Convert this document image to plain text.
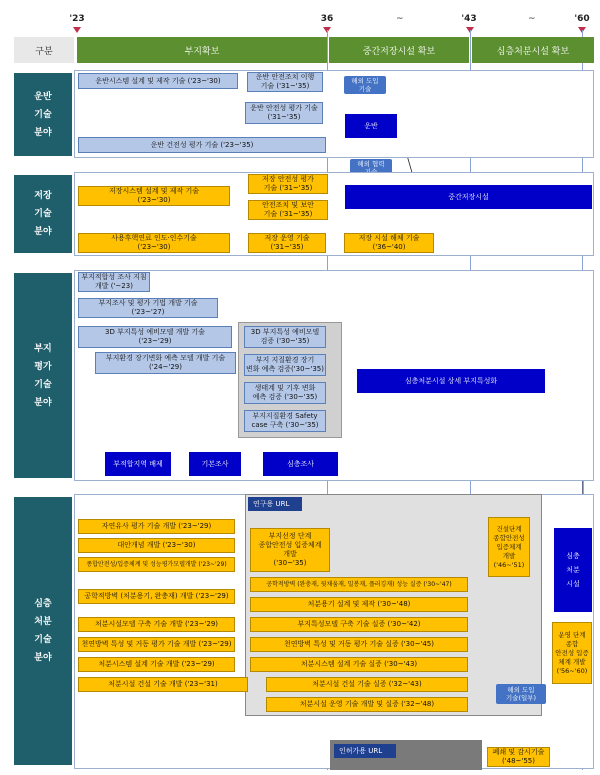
'23	36	'43	'60
~	~
구분	부지확보	중간저장시설 확보	심층처분시설 확보
운반
기술
분야
운반시스템 설계 및 제작 기술 ('23~'30)	운반 안전조치 이행
기술 ('31~'35)
운반 안전성 평가 기술
('31~'35)
운반 건전성 평가 기술 ('23~'35)
해외 도입
기술
운반
해외 협력

저장
기술
분야
저장시스템 설계 및 제작 기술
('23~'30)
저장 안전성 평가
기술 ('31~'35)
안전조치 및 보안
기술 ('31~'35)
사용후핵연료 인도·인수기술
('23~'30)
저장 운영 기술
('31~'35)
저장 시설 해체 기술
('36~'40)
중간저장시설
부지
평가
기술
분야
부지적합성 조사 지침
개발 ('~23)
부지조사 및 평가 기법 개발 기술
('23~'27)
3D 부지특성 예비모델 개발 기술
('23~'29)
부지환경 장기변화 예측 모델 개발 기술
('24~'29)
3D 부지특성 예비모델
검증 ('30~'35)
부지 지질환경 장기
변화 예측 검증('30~'35)
생태계 및 기후 변화
예측 검증 ('30~'35)
부지지질환경 Safety
case 구축 ('30~'35)
부적합지역 배제	기본조사	심층조사
심층처분시설 상세 부지특성화
심층
처분
기술
분야
연구용 URL
인허가용 URL
자연유사 평가 기술 개발 ('23~'29)
대안개념 개발 ('23~'30)
종합안전성/입증체계 및 성능평가모델개발 ('23~'29)
공학적방벽 (처분용기, 완충재) 개발 ('23~'29)
처분시설모델 구축 기술 개발 ('23~'29)
천연방벽 특성 및 거동 평가 기술 개발 ('23~'29)
처분시스템 설계 기술 개발 ('23~'29)
처분시설 건설 기술 개발 ('23~'31)
부지선정 단계
종합안전성 입증체계
개발
('30~'35)
공학적방벽 (완충재, 뒷채움재, 밀봉재, 플러깅재) 성능 실증 ('30~'47)
처분용기 설계 및 제작 ('30~'48)
부지특성모델 구축 기술 실증 ('30~'42)
천연방벽 특성 및 거동 평가 기술 실증 ('30~'45)
처분시스템 설계 기술 실증 ('30~'43)
처분시설 건설 기술 실증 ('32~'43)
처분시설 운영 기술 개발 및 실증 ('32~'48)
건설단계
종합안전성
입증체계
개발
('46~'51)
운영 단계
종합
안전성 입증
체계 개발
('56~'60)
폐쇄 및 감시기술
('48~'55)
해외 도입
기술(일부)
심층
처분
시설
